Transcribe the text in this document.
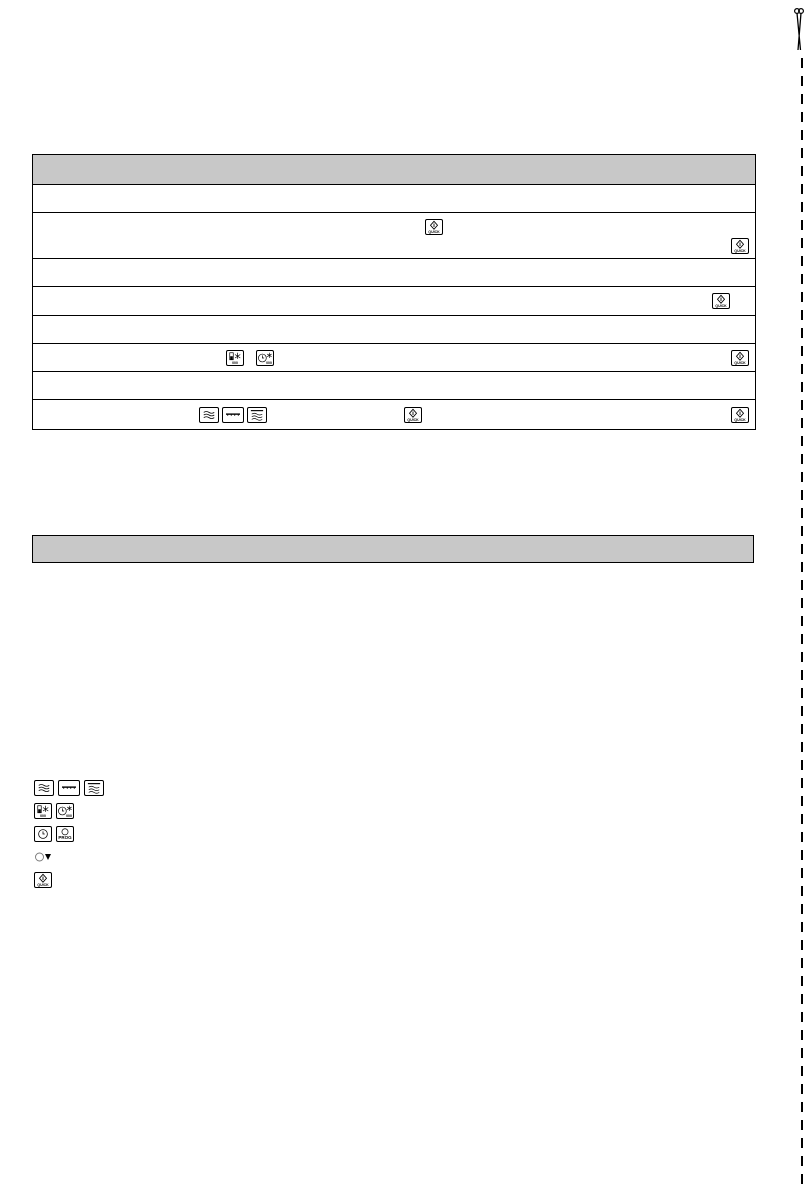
QUICK
QUICK
QUICK
000	000	QUICK
QUICK	QUICK
000	000
PROG
QUICK
